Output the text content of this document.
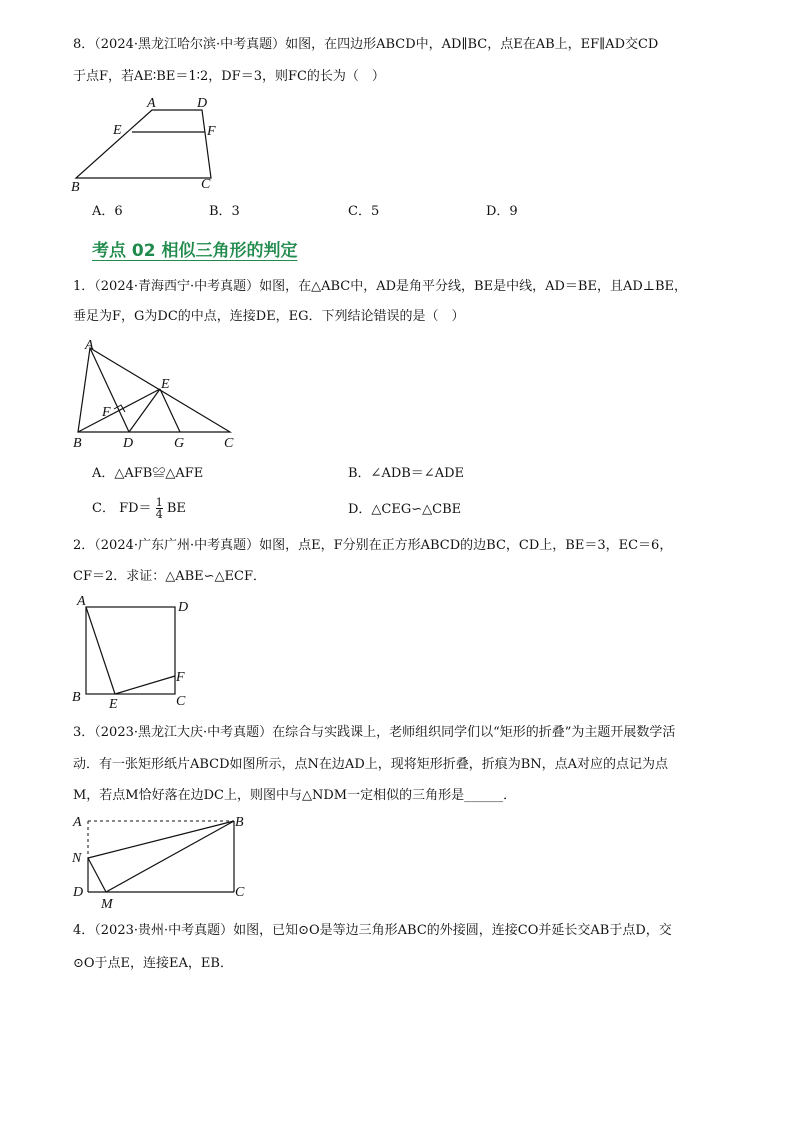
8．（2024·黑龙江哈尔滨·中考真题）如图，在四边形ABCD中，AD∥BC，点E在AB上，EF∥AD交CD
于点F，若AE∶BE＝1∶2，DF＝3，则FC的长为（　）
A	D
E	F
B	C
A．6	B．3	C．5	D．9
考点 02 相似三角形的判定
1．（2024·青海西宁·中考真题）如图，在△ABC中，AD是角平分线，BE是中线，AD＝BE，且AD⊥BE，
垂足为F，G为DC的中点，连接DE，EG．下列结论错误的是（　）
A
E
F
B	D	G	C
A．△AFB≌△AFE	B．∠ADB＝∠ADE
C． $FD= \frac{1}{4}$ BE	D．△CEG∽△CBE
2．（2024·广东广州·中考真题）如图，点E，F分别在正方形ABCD的边BC，CD上，BE＝3，EC＝6，
CF＝2．求证：△ABE∽△ECF．
A	D
F
B E	C
3．（2023·黑龙江大庆·中考真题）在综合与实践课上，老师组织同学们以“矩形的折叠”为主题开展数学活
动．有一张矩形纸片ABCD如图所示，点N在边AD上，现将矩形折叠，折痕为BN，点A对应的点记为点
M，若点M恰好落在边DC上，则图中与△NDM一定相似的三角形是______．
A	B
N
D
M
C
4．（2023·贵州·中考真题）如图，已知⊙O是等边三角形ABC的外接圆，连接CO并延长交AB于点D，交
⊙O于点E，连接EA，EB．
